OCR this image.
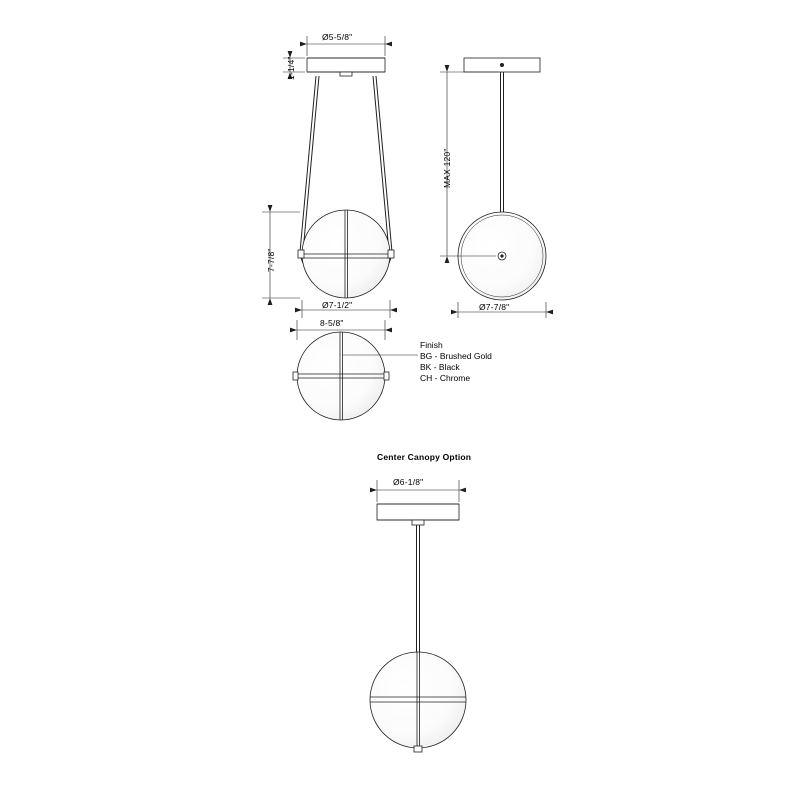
Ø5-5/8"
1-1/4"
7-7/8"
Ø7-1/2"
MAX 120"
Ø7-7/8"
8-5/8"
Finish
BG - Brushed Gold
BK - Black
CH - Chrome
Center Canopy Option
Ø6-1/8"
